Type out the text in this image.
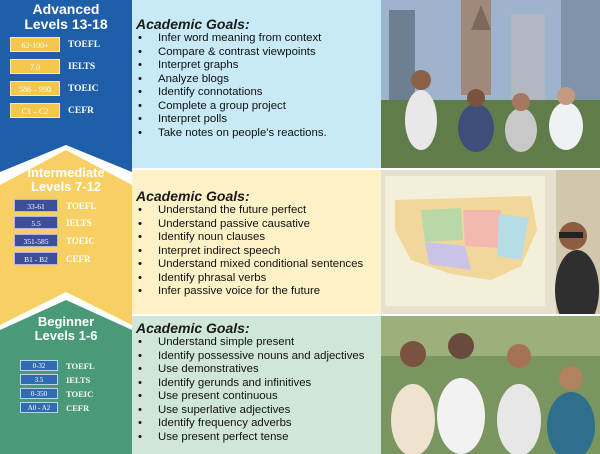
Advanced
Levels 13-18
62-100+	TOEFL
7.0	IELTS
586 – 990	TOEIC
C1 – C2	CEFR
Intermediate
Levels 7-12
33-61	TOEFL
5.5	IELTS
351-585	TOEIC
B1 - B2	CEFR
Beginner
Levels 1-6
0-32	TOEFL
3.5	IELTS
0-350	TOEIC
A0 - A2	CEFR
Academic Goals:
• Infer word meaning from context
• Compare & contrast viewpoints
• Interpret graphs
• Analyze blogs
• Identify connotations
• Complete a group project
• Interpret polls
• Take notes on people's reactions.
Academic Goals:
• Understand the future perfect
• Understand passive causative
• Identify noun clauses
• Interpret indirect speech
• Understand mixed conditional sentences
• Identify phrasal verbs
• Infer passive voice for the future
Academic Goals:
• Understand simple present
• Identify possessive nouns and adjectives
• Use demonstratives
• Identify gerunds and infinitives
• Use present continuous
• Use superlative adjectives
• Identify frequency adverbs
• Use present perfect tense
